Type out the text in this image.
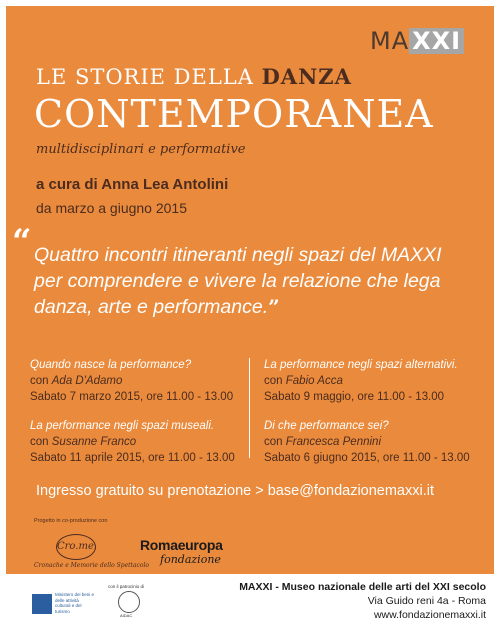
MA XXI
LE STORIE DELLA DANZA
CONTEMPORANEA
multidisciplinari e performative
a cura di Anna Lea Antolini
da marzo a giugno 2015
“ Quattro incontri itineranti negli spazi del MAXXI per comprendere e vivere la relazione che lega danza, arte e performance.”
Quando nasce la performance?
con Ada D'Adamo
Sabato 7 marzo 2015, ore 11.00 - 13.00
La performance negli spazi alternativi.
con Fabio Acca
Sabato 9 maggio, ore 11.00 - 13.00
La performance negli spazi museali.
con Susanne Franco
Sabato 11 aprile 2015, ore 11.00 - 13.00
Di che performance sei?
con Francesca Pennini
Sabato 6 giugno 2015, ore 11.00 - 13.00
Ingresso gratuito su prenotazione > base@fondazionemaxxi.it
Progetto in co-produzione con
Cro.me.
Cronache e Memorie dello Spettacolo
Romaeuropa
fondazione
Ministero dei beni e delle attività culturali e del turismo
con il patrocinio di
AIDAC
MAXXI - Museo nazionale delle arti del XXI secolo
Via Guido reni 4a - Roma
www.fondazionemaxxi.it
